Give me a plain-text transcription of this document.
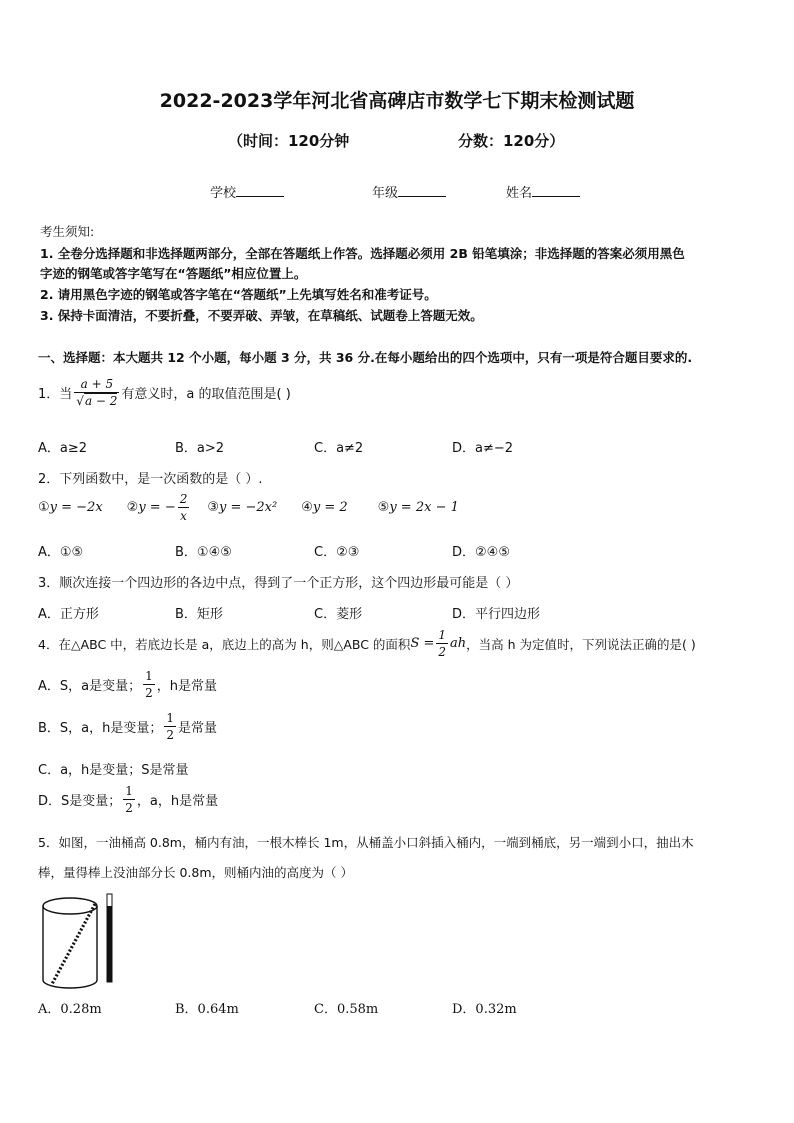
2022-2023学年河北省高碑店市数学七下期末检测试题
（时间：120分钟	分数：120分）
学校	年级	姓名
考生须知:
1. 全卷分选择题和非选择题两部分，全部在答题纸上作答。选择题必须用 2B 铅笔填涂；非选择题的答案必须用黑色
字迹的钢笔或答字笔写在“答题纸”相应位置上。
2. 请用黑色字迹的钢笔或答字笔在“答题纸”上先填写姓名和准考证号。
3. 保持卡面清洁，不要折叠，不要弄破、弄皱，在草稿纸、试题卷上答题无效。
一、选择题：本大题共 12 个小题，每小题 3 分，共 36 分.在每小题给出的四个选项中，只有一项是符合题目要求的.
1．当 $\frac{a + 5}{√a - 2}$ 有意义时，a 的取值范围是( )
A．a≥2	B．a>2	C．a≠2	D．a≠−2
2．下列函数中，是一次函数的是（ ）.
① y = −2x ② y = − $\frac{2}{x}$ ③ y = −2x² ④ y = 2 ⑤ y = 2x − 1
A．①⑤	B．①④⑤	C．②③	D．②④⑤
3．顺次连接一个四边形的各边中点，得到了一个正方形，这个四边形最可能是（ ）
A．正方形	B．矩形	C．菱形	D．平行四边形
4．在△ABC 中，若底边长是 a，底边上的高为 h，则△ABC 的面积 $S = \frac{1}{2}$ ah ，当高 h 为定值时，下列说法正确的是( )
A．S，a是变量； $\frac{1}{2}$ ，h是常量
B．S，a，h是变量； $\frac{1}{2}$ 是常量
C．a，h是变量；S是常量
D．S是变量； $\frac{1}{2}$ ，a，h是常量
5．如图，一油桶高 0.8m，桶内有油，一根木棒长 1m，从桶盖小口斜插入桶内，一端到桶底，另一端到小口，抽出木
棒，量得棒上没油部分长 0.8m，则桶内油的高度为（ ）
A．0.28m	B．0.64m	C．0.58m	D．0.32m
